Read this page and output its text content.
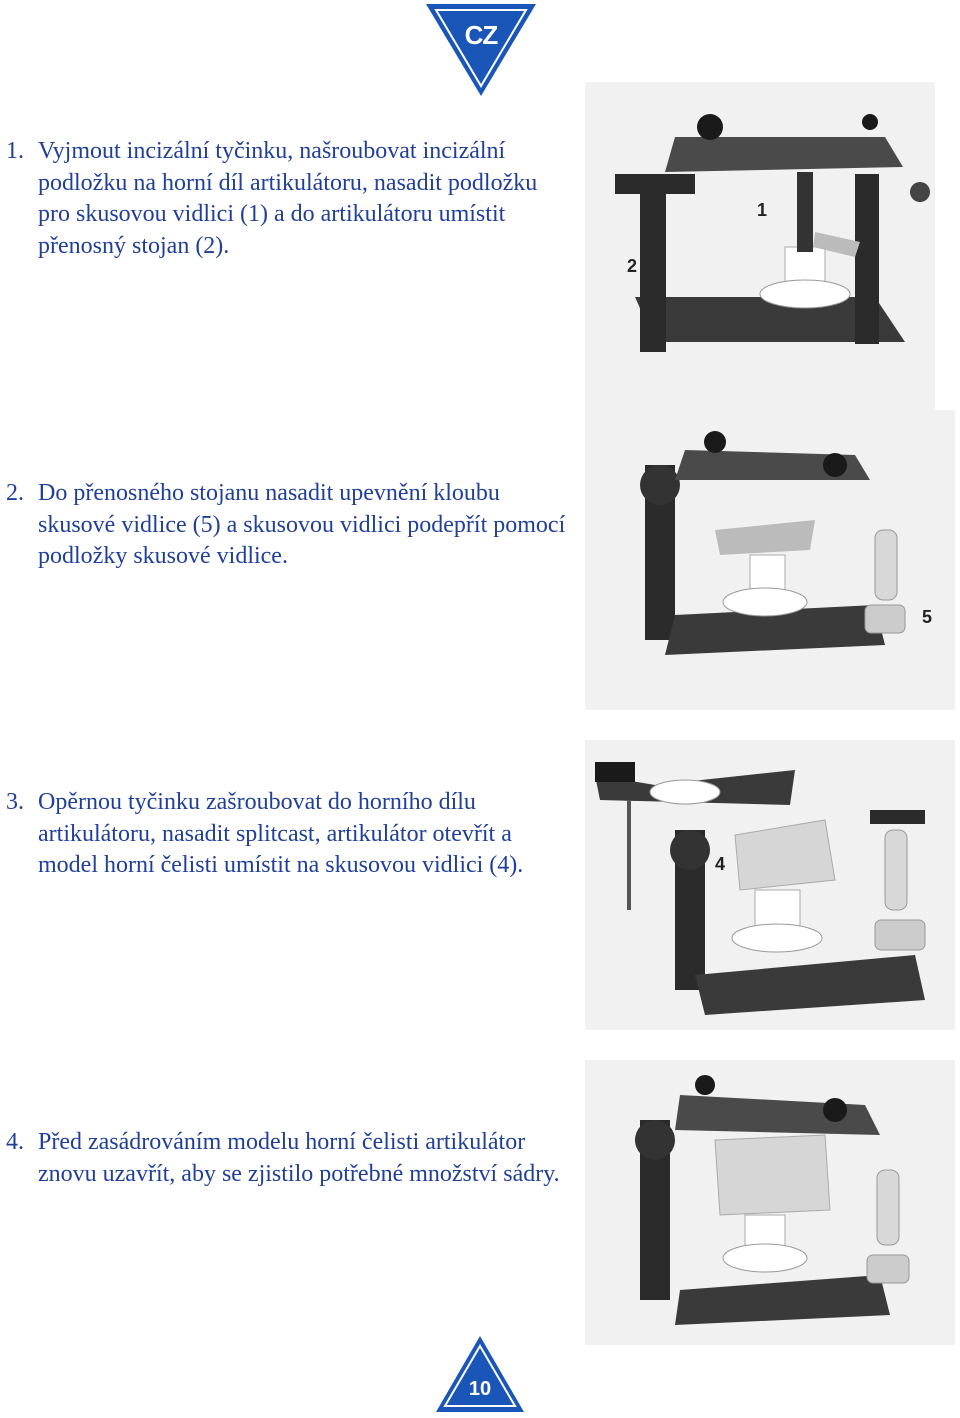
CZ
1. Vyjmout incizální tyčinku, našroubovat incizální podložku na horní díl artikulátoru, nasadit podložku pro skusovou vidlici (1) a do artikulátoru umístit přenosný stojan (2).
1
2
2. Do přenosného stojanu nasadit upevnění kloubu skusové vidlice (5) a skusovou vidlici podepřít pomocí podložky skusové vidlice.
5
3. Opěrnou tyčinku zašroubovat do horního dílu artikulátoru, nasadit splitcast, artikulátor otevřít a model horní čelisti umístit na skusovou vidlici (4).	4
4. Před zasádrováním modelu horní čelisti artikulátor znovu uzavřít, aby se zjistilo potřebné množství sádry.
10
